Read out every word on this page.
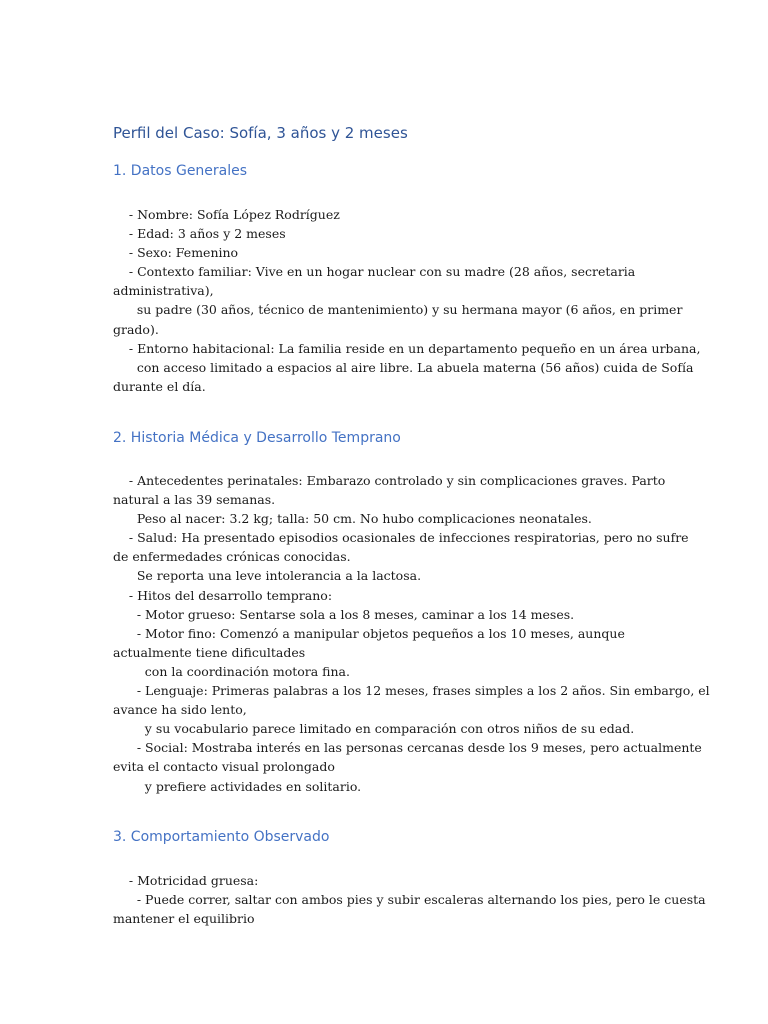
Perfil del Caso: Sofía, 3 años y 2 meses
1. Datos Generales
- Nombre: Sofía López Rodríguez
- Edad: 3 años y 2 meses
- Sexo: Femenino
- Contexto familiar: Vive en un hogar nuclear con su madre (28 años, secretaria
administrativa),
su padre (30 años, técnico de mantenimiento) y su hermana mayor (6 años, en primer
grado).
- Entorno habitacional: La familia reside en un departamento pequeño en un área urbana,
con acceso limitado a espacios al aire libre. La abuela materna (56 años) cuida de Sofía
durante el día.
2. Historia Médica y Desarrollo Temprano
- Antecedentes perinatales: Embarazo controlado y sin complicaciones graves. Parto
natural a las 39 semanas.
Peso al nacer: 3.2 kg; talla: 50 cm. No hubo complicaciones neonatales.
- Salud: Ha presentado episodios ocasionales de infecciones respiratorias, pero no sufre
de enfermedades crónicas conocidas.
Se reporta una leve intolerancia a la lactosa.
- Hitos del desarrollo temprano:
- Motor grueso: Sentarse sola a los 8 meses, caminar a los 14 meses.
- Motor fino: Comenzó a manipular objetos pequeños a los 10 meses, aunque
actualmente tiene dificultades
con la coordinación motora fina.
- Lenguaje: Primeras palabras a los 12 meses, frases simples a los 2 años. Sin embargo, el
avance ha sido lento,
y su vocabulario parece limitado en comparación con otros niños de su edad.
- Social: Mostraba interés en las personas cercanas desde los 9 meses, pero actualmente
evita el contacto visual prolongado
y prefiere actividades en solitario.
3. Comportamiento Observado
- Motricidad gruesa:
- Puede correr, saltar con ambos pies y subir escaleras alternando los pies, pero le cuesta
mantener el equilibrio
